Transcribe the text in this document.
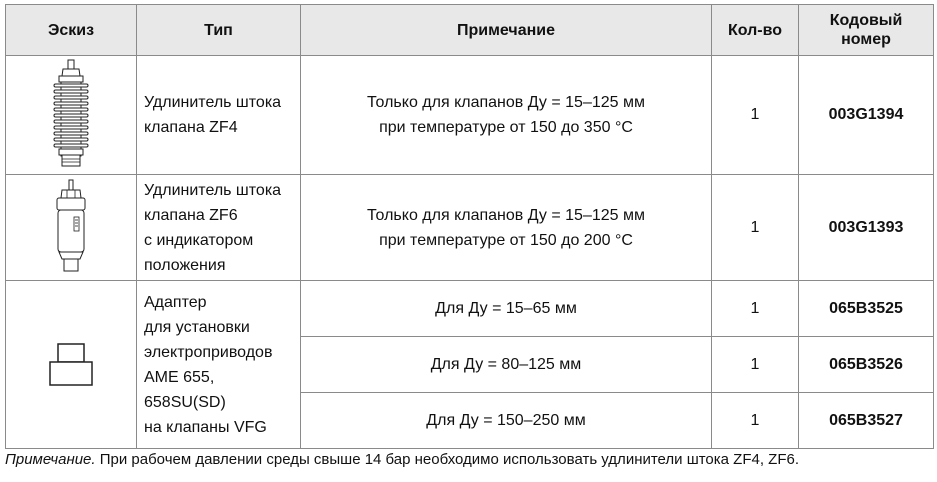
Эскиз	Тип	Примечание	Кол-во	Кодовый
номер

	Удлинитель штока
клапана ZF4	Только для клапанов Ду = 15–125 мм
при температуре от 150 до 350 °С	1	003G1394

	Удлинитель штока
клапана ZF6
с индикатором
положения	Только для клапанов Ду = 15–125 мм
при температуре от 150 до 200 °С	1	003G1393

	Адаптер
для установки
электроприводов
AME 655, 658SU(SD)
на клапаны VFG	Для Ду = 15–65 мм	1	065B3525
		Для Ду = 80–125 мм	1	065B3526
		Для Ду = 150–250 мм	1	065B3527
Примечание. При рабочем давлении среды свыше 14 бар необходимо использовать удлинители штока ZF4, ZF6.
